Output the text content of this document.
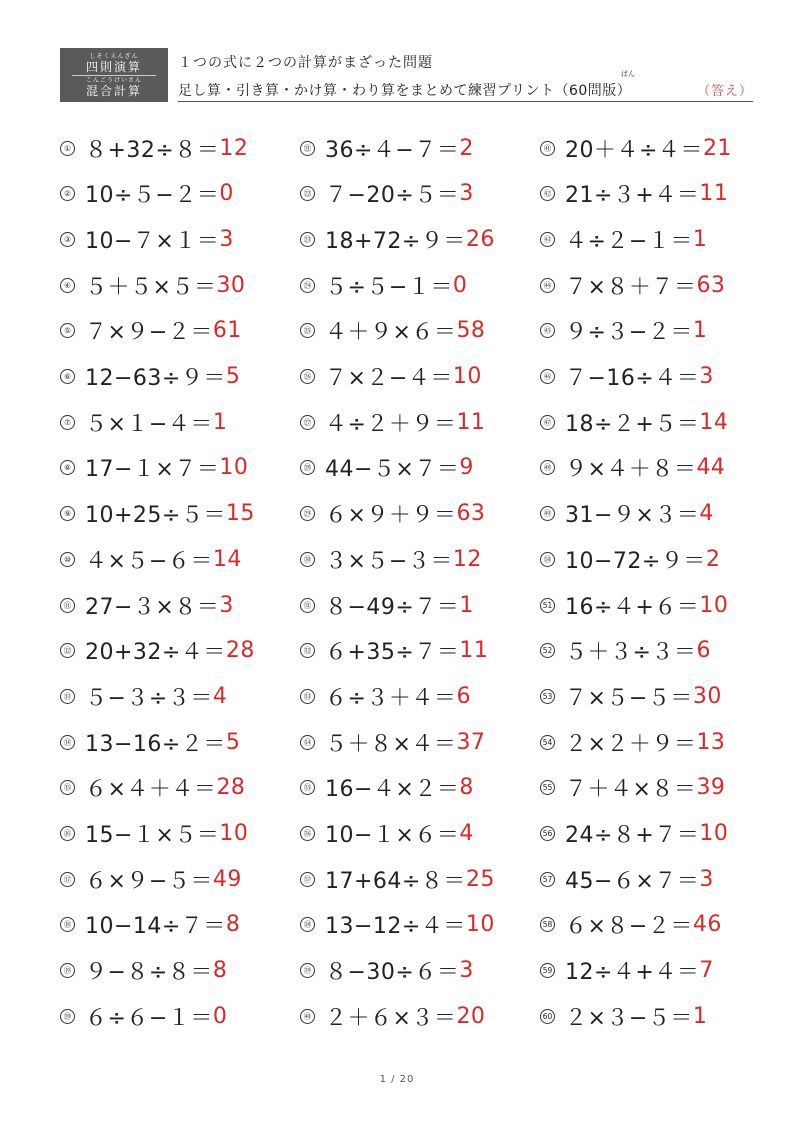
しそくえんざん
四則演算
こんごうけいさん
混合計算
１つの式に２つの計算がまざった問題
ばん
足し算・引き算・かけ算・わり算をまとめて練習プリント（60問版）	（答え）
① ８+32÷８＝ 12
② 10÷５−２＝ 0
③ 10−７×１＝ 3
④ ５＋５×５＝ 30
⑤ ７×９−２＝ 61
⑥ 12−63÷９＝ 5
⑦ ５×１−４＝ 1
⑧ 17−１×７＝ 10
⑨ 10+25÷５＝ 15
⑩ ４×５−６＝ 14
⑪ 27−３×８＝ 3
⑫ 20+32÷４＝ 28
⑬ ５−３÷３＝ 4
⑭ 13−16÷２＝ 5
⑮ ６×４＋４＝ 28
⑯ 15−１×５＝ 10
⑰ ６×９−５＝ 49
⑱ 10−14÷７＝ 8
⑲ ９−８÷８＝ 8
⑳ ６÷６−１＝ 0
㉑ 36÷４−７＝ 2
㉒ ７−20÷５＝ 3
㉓ 18+72÷９＝ 26
㉔ ５÷５−１＝ 0
㉕ ４＋９×６＝ 58
㉖ ７×２−４＝ 10
㉗ ４÷２＋９＝ 11
㉘ 44−５×７＝ 9
㉙ ６×９＋９＝ 63
㉚ ３×５−３＝ 12
㉛ ８−49÷７＝ 1
㉜ ６+35÷７＝ 11
㉝ ６÷３＋４＝ 6
㉞ ５＋８×４＝ 37
㉟ 16−４×２＝ 8
㊱ 10−１×６＝ 4
㊲ 17+64÷８＝ 25
㊳ 13−12÷４＝ 10
㊴ ８−30÷６＝ 3
㊵ ２＋６×３＝ 20
㊶ 20＋４÷４＝ 21
㊷ 21÷３+４＝ 11
㊸ ４÷２−１＝ 1
㊹ ７×８＋７＝ 63
㊺ ９÷３−２＝ 1
㊻ ７−16÷４＝ 3
㊼ 18÷２+５＝ 14
㊽ ９×４＋８＝ 44
㊾ 31−９×３＝ 4
㊿ 10−72÷９＝ 2
51 16÷４+６＝ 10
52 ５＋３÷３＝ 6
53 ７×５−５＝ 30
54 ２×２＋９＝ 13
55 ７＋４×８＝ 39
56 24÷８+７＝ 10
57 45−６×７＝ 3
58 ６×８−２＝ 46
59 12÷４+４＝ 7
60 ２×３−５＝ 1
1 / 20
